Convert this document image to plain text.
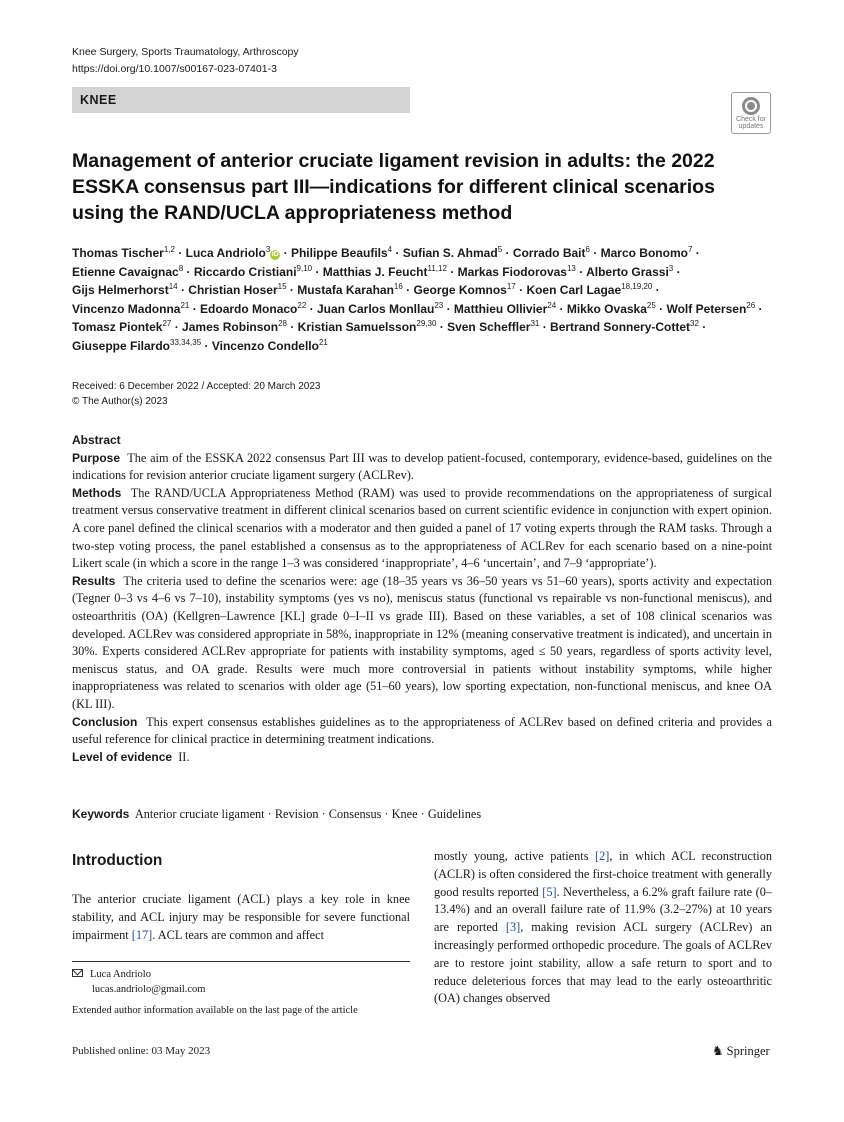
Knee Surgery, Sports Traumatology, Arthroscopy
https://doi.org/10.1007/s00167-023-07401-3
KNEE
Check for
updates
Management of anterior cruciate ligament revision in adults: the 2022 ESSKA consensus part III—indications for different clinical scenarios using the RAND/UCLA appropriateness method
Thomas Tischer$^{1,2}$ · Luca Andriolo$^3$iD · Philippe Beaufils$^4$ · Sufian S. Ahmad$^5$ · Corrado Bait$^6$ · Marco Bonomo$^7$ · Etienne Cavaignac$^8$ · Riccardo Cristiani$^{9,10}$ · Matthias J. Feucht$^{11,12}$ · Markas Fiodorovas$^{13}$ · Alberto Grassi$^3$ · Gijs Helmerhorst$^{14}$ · Christian Hoser$^{15}$ · Mustafa Karahan$^{16}$ · George Komnos$^{17}$ · Koen Carl Lagae$^{18,19,20}$ · Vincenzo Madonna$^{21}$ · Edoardo Monaco$^{22}$ · Juan Carlos Monllau$^{23}$ · Matthieu Ollivier$^{24}$ · Mikko Ovaska$^{25}$ · Wolf Petersen$^{26}$ · Tomasz Piontek$^{27}$ · James Robinson$^{28}$ · Kristian Samuelsson$^{29,30}$ · Sven Scheffler$^{31}$ · Bertrand Sonnery-Cottet$^{32}$ · Giuseppe Filardo$^{33,34,35}$ · Vincenzo Condello$^{21}$
Received: 6 December 2022 / Accepted: 20 March 2023
© The Author(s) 2023

Abstract

Purpose The aim of the ESSKA 2022 consensus Part III was to develop patient-focused, contemporary, evidence-based, guidelines on the indications for revision anterior cruciate ligament surgery (ACLRev).

Methods The RAND/UCLA Appropriateness Method (RAM) was used to provide recommendations on the appropriateness of surgical treatment versus conservative treatment in different clinical scenarios based on current scientific evidence in conjunction with expert opinion. A core panel defined the clinical scenarios with a moderator and then guided a panel of 17 voting experts through the RAM tasks. Through a two-step voting process, the panel established a consensus as to the appropriateness of ACLRev for each scenario based on a nine-point Likert scale (in which a score in the range 1–3 was considered ‘inappropriate’, 4–6 ‘uncertain’, and 7–9 ‘appropriate’).

Results The criteria used to define the scenarios were: age (18–35 years vs 36–50 years vs 51–60 years), sports activity and expectation (Tegner 0–3 vs 4–6 vs 7–10), instability symptoms (yes vs no), meniscus status (functional vs repairable vs non-functional meniscus), and osteoarthritis (OA) (Kellgren–Lawrence [KL] grade 0–I–II vs grade III). Based on these variables, a set of 108 clinical scenarios was developed. ACLRev was considered appropriate in 58%, inappropriate in 12% (meaning conservative treatment is indicated), and uncertain in 30%. Experts considered ACLRev appropriate for patients with instability symptoms, aged ≤ 50 years, regardless of sports activity level, meniscus status, and OA grade. Results were much more controversial in patients without instability symptoms, while higher inappropriateness was related to scenarios with older age (51–60 years), low sporting expectation, non-functional meniscus, and knee OA (KL III).

Conclusion This expert consensus establishes guidelines as to the appropriateness of ACLRev based on defined criteria and provides a useful reference for clinical practice in determining treatment indications.

Level of evidence II.

Keywords Anterior cruciate ligament · Revision · Consensus · Knee · Guidelines
Introduction

The anterior cruciate ligament (ACL) plays a key role in knee stability, and ACL injury may be responsible for severe functional impairment [17]. ACL tears are common and affect

mostly young, active patients [2], in which ACL reconstruction (ACLR) is often considered the first-choice treatment with generally good results reported [5]. Nevertheless, a 6.2% graft failure rate (0–13.4%) and an overall failure rate of 11.9% (3.2–27%) at 10 years are reported [3], making revision ACL surgery (ACLRev) an increasingly performed orthopedic procedure. The goals of ACLRev are to restore joint stability, allow a safe return to sport and to reduce deleterious forces that may lead to the early osteoarthritic (OA) changes observed

Luca Andriolo
lucas.andriolo@gmail.com
Extended author information available on the last page of the article
Published online: 03 May 2023	♞ Springer
